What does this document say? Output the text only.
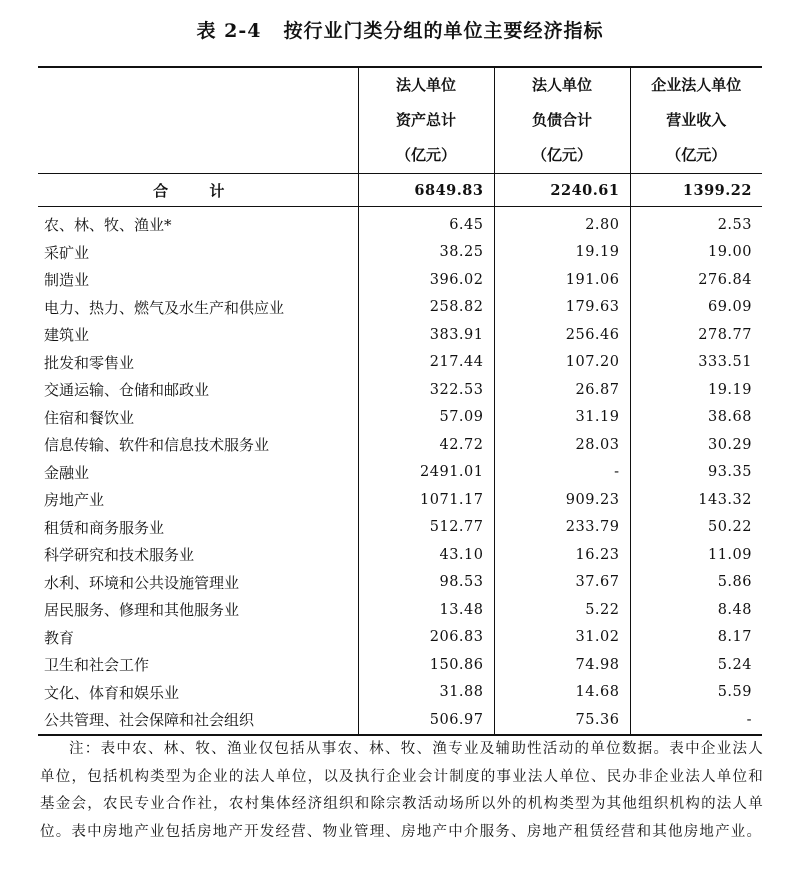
表 2-4 按行业门类分组的单位主要经济指标

	法人单位
资产总计
（亿元）	法人单位
负债合计
（亿元）	企业法人单位
营业收入
（亿元）

合 计	6849.83	2240.61	1399.22
农、林、牧、渔业*	6.45	2.80	2.53
采矿业	38.25	19.19	19.00
制造业	396.02	191.06	276.84
电力、热力、燃气及水生产和供应业	258.82	179.63	69.09
建筑业	383.91	256.46	278.77
批发和零售业	217.44	107.20	333.51
交通运输、仓储和邮政业	322.53	26.87	19.19
住宿和餐饮业	57.09	31.19	38.68
信息传输、软件和信息技术服务业	42.72	28.03	30.29
金融业	2491.01	-	93.35
房地产业	1071.17	909.23	143.32
租赁和商务服务业	512.77	233.79	50.22
科学研究和技术服务业	43.10	16.23	11.09
水利、环境和公共设施管理业	98.53	37.67	5.86
居民服务、修理和其他服务业	13.48	5.22	8.48
教育	206.83	31.02	8.17
卫生和社会工作	150.86	74.98	5.24
文化、体育和娱乐业	31.88	14.68	5.59
公共管理、社会保障和社会组织	506.97	75.36	-
注：表中农、林、牧、渔业仅包括从事农、林、牧、渔专业及辅助性活动的单位数据。表中企业法人单位，包括机构类型为企业的法人单位，以及执行企业会计制度的事业法人单位、民办非企业法人单位和基金会，农民专业合作社，农村集体经济组织和除宗教活动场所以外的机构类型为其他组织机构的法人单位。表中房地产业包括房地产开发经营、物业管理、房地产中介服务、房地产租赁经营和其他房地产业。
